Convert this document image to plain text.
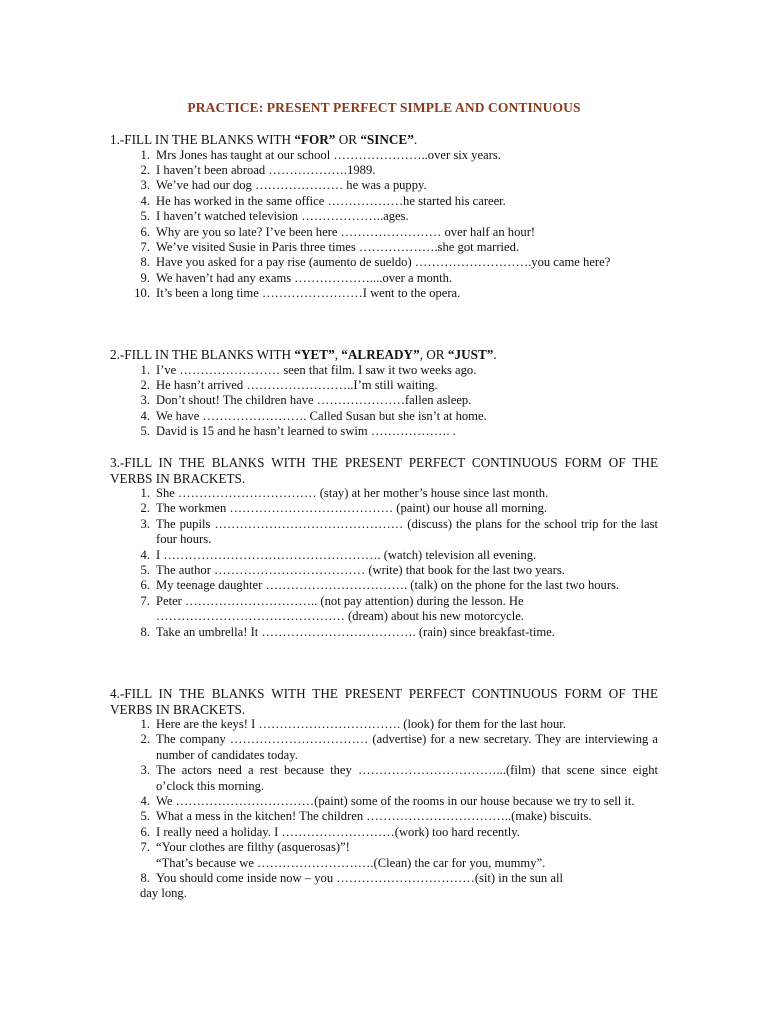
PRACTICE: PRESENT PERFECT SIMPLE AND CONTINUOUS

1.-FILL IN THE BLANKS WITH “FOR” OR “SINCE”.

1. Mrs Jones has taught at our school …………………..over six years.
2. I haven’t been abroad ……………….1989.
3. We’ve had our dog ………………… he was a puppy.
4. He has worked in the same office ………………he started his career.
5. I haven’t watched television ………………..ages.
6. Why are you so late? I’ve been here …………………… over half an hour!
7. We’ve visited Susie in Paris three times ……………….she got married.
8. Have you asked for a pay rise (aumento de sueldo) ……………………….you came here?
9. We haven’t had any exams ………………....over a month.
10. It’s been a long time ……………………I went to the opera.

2.-FILL IN THE BLANKS WITH “YET”, “ALREADY”, OR “JUST”.

1. I’ve …………………… seen that film. I saw it two weeks ago.
2. He hasn’t arrived ……………………..I’m still waiting.
3. Don’t shout! The children have …………………fallen asleep.
4. We have ……………………. Called Susan but she isn’t at home.
5. David is 15 and he hasn’t learned to swim ………………. .

3.-FILL IN THE BLANKS WITH THE PRESENT PERFECT CONTINUOUS FORM OF THE VERBS IN BRACKETS.

1. She …………………………… (stay) at her mother’s house since last month.
2. The workmen ………………………………… (paint) our house all morning.
3. The pupils ……………………………………… (discuss) the plans for the school trip for the last four hours.
4. I ……………………………………………. (watch) television all evening.
5. The author ……………………………… (write) that book for the last two years.
6. My teenage daughter ……………………………. (talk) on the phone for the last two hours.
7. Peter ………………………….. (not pay attention) during the lesson. He
……………………………………… (dream) about his new motorcycle.
8. Take an umbrella! It ………………………………. (rain) since breakfast-time.

4.-FILL IN THE BLANKS WITH THE PRESENT PERFECT CONTINUOUS FORM OF THE VERBS IN BRACKETS.

1. Here are the keys! I ……………………………. (look) for them for the last hour.
2. The company …………………………… (advertise) for a new secretary. They are interviewing a number of candidates today.
3. The actors need a rest because they ……………………………...(film) that scene since eight o’clock this morning.
4. We ……………………………(paint) some of the rooms in our house because we try to sell it.
5. What a mess in the kitchen! The children ……………………………..(make) biscuits.
6. I really need a holiday. I ………………………(work) too hard recently.
7. “Your clothes are filthy (asquerosas)”!
“That’s because we ……………………….(Clean) the car for you, mummy”.
8. You should come inside now – you ……………………………(sit) in the sun all
day long.
